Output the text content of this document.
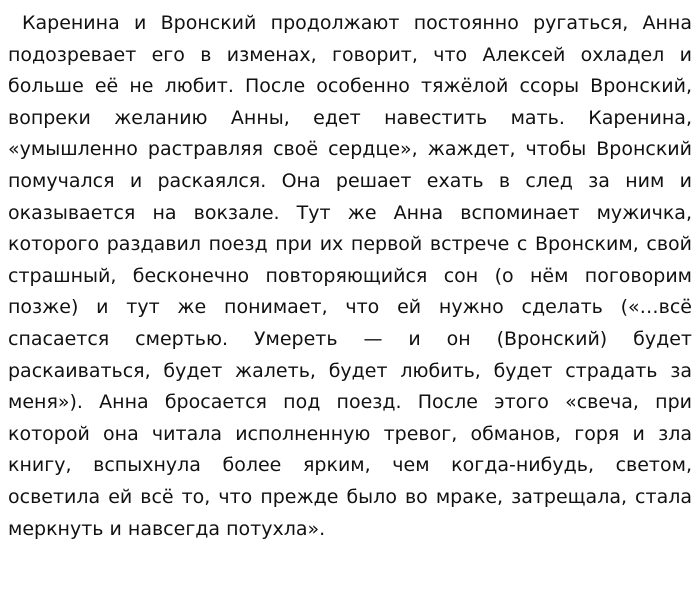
Каренина и Вронский продолжают постоянно ругаться, Анна подозревает его в изменах, говорит, что Алексей охладел и больше её не любит. После особенно тяжёлой ссоры Вронский, вопреки желанию Анны, едет навестить мать. Каренина, «умышленно растравляя своё сердце», жаждет, чтобы Вронский помучался и раскаялся. Она решает ехать в след за ним и оказывается на вокзале. Тут же Анна вспоминает мужичка, которого раздавил поезд при их первой встрече с Вронским, свой страшный, бесконечно повторяющийся сон (о нём поговорим позже) и тут же понимает, что ей нужно сделать («…всё спасается смертью. Умереть — и он (Вронский) будет раскаиваться, будет жалеть, будет любить, будет страдать за меня»). Анна бросается под поезд. После этого «свеча, при которой она читала исполненную тревог, обманов, горя и зла книгу, вспыхнула более ярким, чем когда-нибудь, светом, осветила ей всё то, что прежде было во мраке, затрещала, стала меркнуть и навсегда потухла».
